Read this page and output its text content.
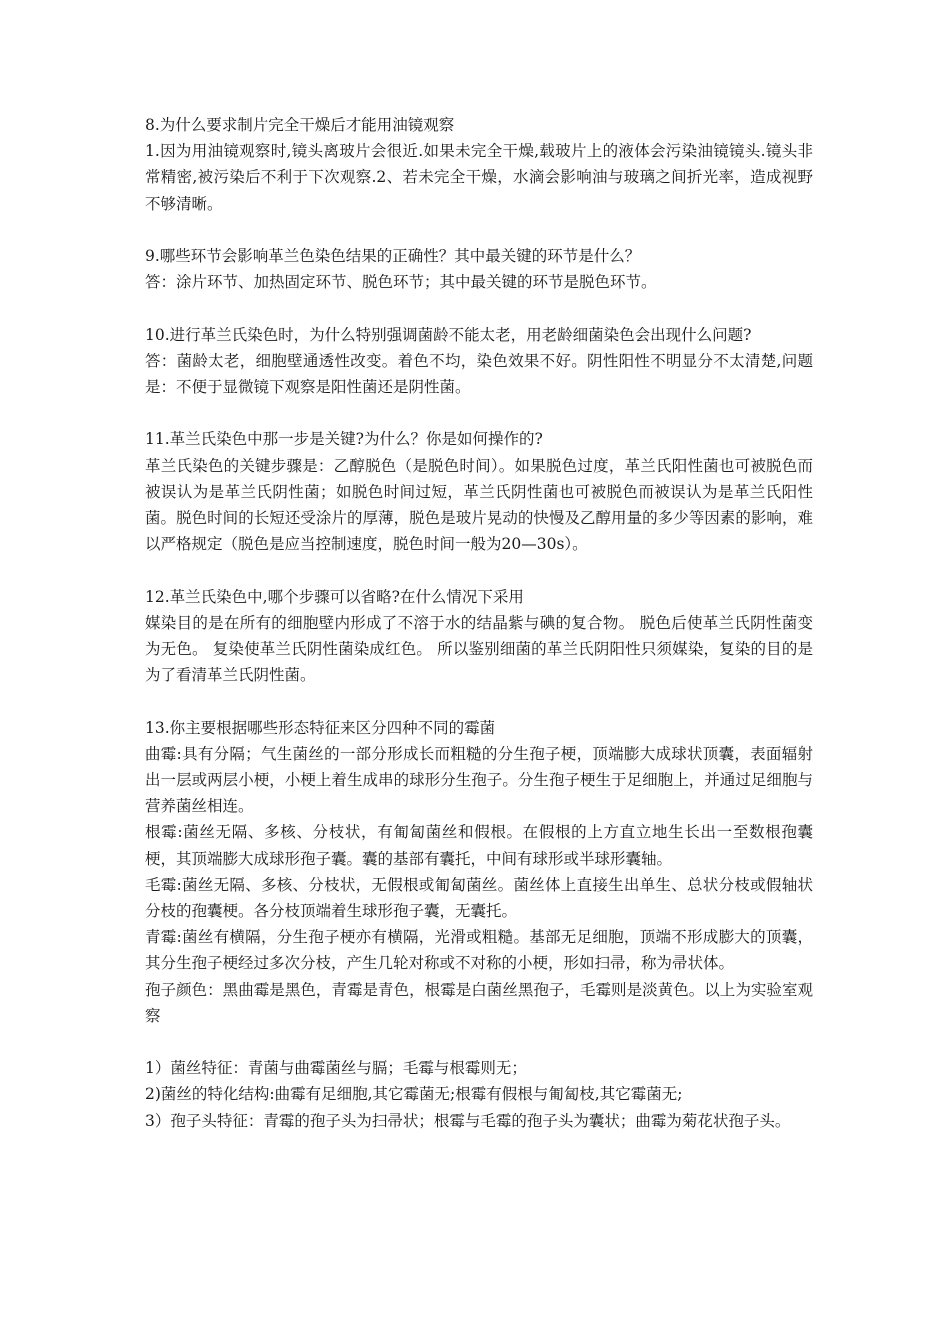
8.为什么要求制片完全干燥后才能用油镜观察

1.因为用油镜观察时,镜头离玻片会很近.如果未完全干燥,载玻片上的液体会污染油镜镜头.镜头非常精密,被污染后不利于下次观察.2、若未完全干燥，水滴会影响油与玻璃之间折光率，造成视野不够清晰。

9.哪些环节会影响革兰色染色结果的正确性？其中最关键的环节是什么？

答：涂片环节、加热固定环节、脱色环节；其中最关键的环节是脱色环节。

10.进行革兰氏染色时，为什么特别强调菌龄不能太老，用老龄细菌染色会出现什么问题?

答：菌龄太老，细胞壁通透性改变。着色不均，染色效果不好。阴性阳性不明显分不太清楚,问题是：不便于显微镜下观察是阳性菌还是阴性菌。

11.革兰氏染色中那一步是关键?为什么？你是如何操作的?

革兰氏染色的关键步骤是：乙醇脱色（是脱色时间）。如果脱色过度，革兰氏阳性菌也可被脱色而被误认为是革兰氏阴性菌；如脱色时间过短，革兰氏阴性菌也可被脱色而被误认为是革兰氏阳性菌。脱色时间的长短还受涂片的厚薄，脱色是玻片晃动的快慢及乙醇用量的多少等因素的影响，难以严格规定（脱色是应当控制速度，脱色时间一般为20—30s）。

12.革兰氏染色中,哪个步骤可以省略?在什么情况下采用

媒染目的是在所有的细胞壁内形成了不溶于水的结晶紫与碘的复合物。 脱色后使革兰氏阴性菌变为无色。 复染使革兰氏阴性菌染成红色。 所以鉴别细菌的革兰氏阴阳性只须媒染，复染的目的是为了看清革兰氏阴性菌。

13.你主要根据哪些形态特征来区分四种不同的霉菌

曲霉:具有分隔；气生菌丝的一部分形成长而粗糙的分生孢子梗，顶端膨大成球状顶囊，表面辐射出一层或两层小梗，小梗上着生成串的球形分生孢子。分生孢子梗生于足细胞上，并通过足细胞与营养菌丝相连。

根霉:菌丝无隔、多核、分枝状，有匍匐菌丝和假根。在假根的上方直立地生长出一至数根孢囊梗，其顶端膨大成球形孢子囊。囊的基部有囊托，中间有球形或半球形囊轴。

毛霉:菌丝无隔、多核、分枝状，无假根或匍匐菌丝。菌丝体上直接生出单生、总状分枝或假轴状分枝的孢囊梗。各分枝顶端着生球形孢子囊，无囊托。

青霉:菌丝有横隔，分生孢子梗亦有横隔，光滑或粗糙。基部无足细胞，顶端不形成膨大的顶囊，其分生孢子梗经过多次分枝，产生几轮对称或不对称的小梗，形如扫帚，称为帚状体。

孢子颜色：黑曲霉是黑色，青霉是青色，根霉是白菌丝黑孢子，毛霉则是淡黄色。以上为实验室观察

1）菌丝特征：青菌与曲霉菌丝与膈；毛霉与根霉则无；

2)菌丝的特化结构:曲霉有足细胞,其它霉菌无;根霉有假根与匍匐枝,其它霉菌无;

3）孢子头特征：青霉的孢子头为扫帚状；根霉与毛霉的孢子头为囊状；曲霉为菊花状孢子头。
